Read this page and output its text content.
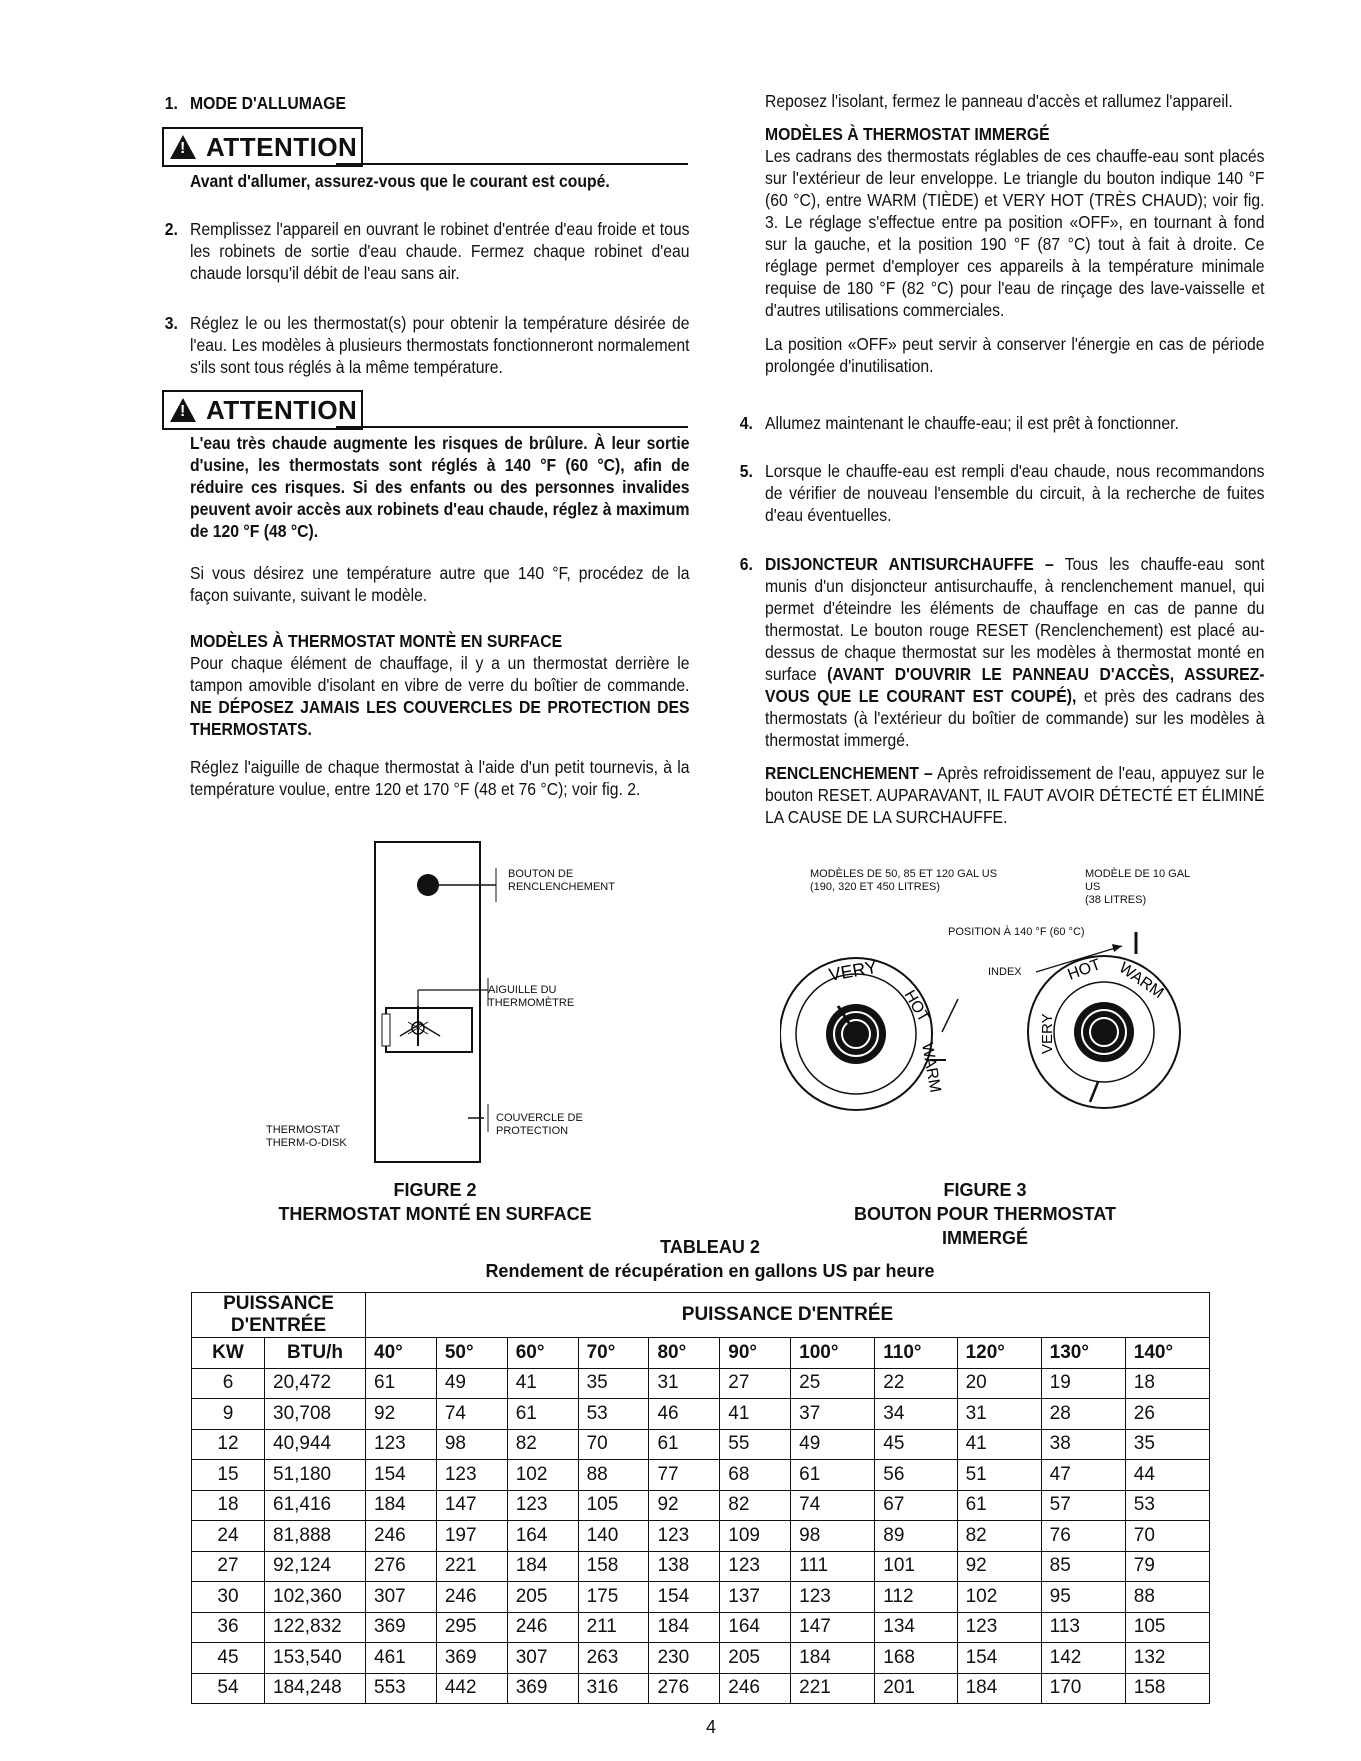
1. MODE D'ALLUMAGE
! ATTENTION

Avant d'allumer, assurez-vous que le courant est coupé.

2. Remplissez l'appareil en ouvrant le robinet d'entrée d'eau froide et tous les robinets de sortie d'eau chaude. Fermez chaque robinet d'eau chaude lorsqu'il débit de l'eau sans air.

3. Réglez le ou les thermostat(s) pour obtenir la température désirée de l'eau. Les modèles à plusieurs thermostats fonctionneront normalement s'ils sont tous réglés à la même température.

! ATTENTION

L'eau très chaude augmente les risques de brûlure. À leur sortie d'usine, les thermostats sont réglés à 140 °F (60 °C), afin de réduire ces risques. Si des enfants ou des personnes invalides peuvent avoir accès aux robinets d'eau chaude, réglez à maximum de 120 °F (48 °C).

Si vous désirez une température autre que 140 °F, procédez de la façon suivante, suivant le modèle.

MODÈLES À THERMOSTAT MONTÈ EN SURFACE

Pour chaque élément de chauffage, il y a un thermostat derrière le tampon amovible d'isolant en vibre de verre du boîtier de commande. NE DÉPOSEZ JAMAIS LES COUVERCLES DE PROTECTION DES THERMOSTATS.

Réglez l'aiguille de chaque thermostat à l'aide d'un petit tournevis, à la température voulue, entre 120 et 170 °F (48 et 76 °C); voir fig. 2.

Reposez l'isolant, fermez le panneau d'accès et rallumez l'appareil.

MODÈLES À THERMOSTAT IMMERGÉ

Les cadrans des thermostats réglables de ces chauffe-eau sont placés sur l'extérieur de leur enveloppe. Le triangle du bouton indique 140 °F (60 °C), entre WARM (TIÈDE) et VERY HOT (TRÈS CHAUD); voir fig. 3. Le réglage s'effectue entre pa position «OFF», en tournant à fond sur la gauche, et la position 190 °F (87 °C) tout à fait à droite. Ce réglage permet d'employer ces appareils à la température minimale requise de 180 °F (82 °C) pour l'eau de rinçage des lave-vaisselle et d'autres utilisations commerciales.

La position «OFF» peut servir à conserver l'énergie en cas de période prolongée d'inutilisation.

4. Allumez maintenant le chauffe-eau; il est prêt à fonctionner.

5. Lorsque le chauffe-eau est rempli d'eau chaude, nous recommandons de vérifier de nouveau l'ensemble du circuit, à la recherche de fuites d'eau éventuelles.

6. DISJONCTEUR ANTISURCHAUFFE – Tous les chauffe-eau sont munis d'un disjoncteur antisurchauffe, à renclenchement manuel, qui permet d'éteindre les éléments de chauffage en cas de panne du thermostat. Le bouton rouge RESET (Renclenchement) est placé au-dessus de chaque thermostat sur les modèles à thermostat monté en surface (AVANT D'OUVRIR LE PANNEAU D'ACCÈS, ASSUREZ-VOUS QUE LE COURANT EST COUPÉ), et près des cadrans des thermostats (à l'extérieur du boîtier de commande) sur les modèles à thermostat immergé.

RENCLENCHEMENT – Après refroidissement de l'eau, appuyez sur le bouton RESET. AUPARAVANT, IL FAUT AVOIR DÉTECTÉ ET ÉLIMINÉ LA CAUSE DE LA SURCHAUFFE.

BOUTON DE RENCLENCHEMENT
AIGUILLE DU THERMOMÈTRE
COUVERCLE DE PROTECTION
THERMOSTAT THERM-O-DISK
FIGURE 2
THERMOSTAT MONTÉ EN SURFACE
MODÈLES DE 50, 85 ET 120 GAL US
(190, 320 ET 450 LITRES)
MODÈLE DE 10 GAL US
(38 LITRES)
POSITION À 140 °F (60 °C)
INDEX
VERY
HOT
WARM
HOT WARM
VERY
FIGURE 3
BOUTON POUR THERMOSTAT IMMERGÉ
TABLEAU 2
Rendement de récupération en gallons US par heure
PUISSANCE D'ENTRÉE		PUISSANCE D'ENTRÉE										
KW	BTU/h	40°	50°	60°	70°	80°	90°	100°	110°	120°	130°	140°
6	20,472	61	49	41	35	31	27	25	22	20	19	18
9	30,708	92	74	61	53	46	41	37	34	31	28	26
12	40,944	123	98	82	70	61	55	49	45	41	38	35
15	51,180	154	123	102	88	77	68	61	56	51	47	44
18	61,416	184	147	123	105	92	82	74	67	61	57	53
24	81,888	246	197	164	140	123	109	98	89	82	76	70
27	92,124	276	221	184	158	138	123	111	101	92	85	79
30	102,360	307	246	205	175	154	137	123	112	102	95	88
36	122,832	369	295	246	211	184	164	147	134	123	113	105
45	153,540	461	369	307	263	230	205	184	168	154	142	132
54	184,248	553	442	369	316	276	246	221	201	184	170	158
4
